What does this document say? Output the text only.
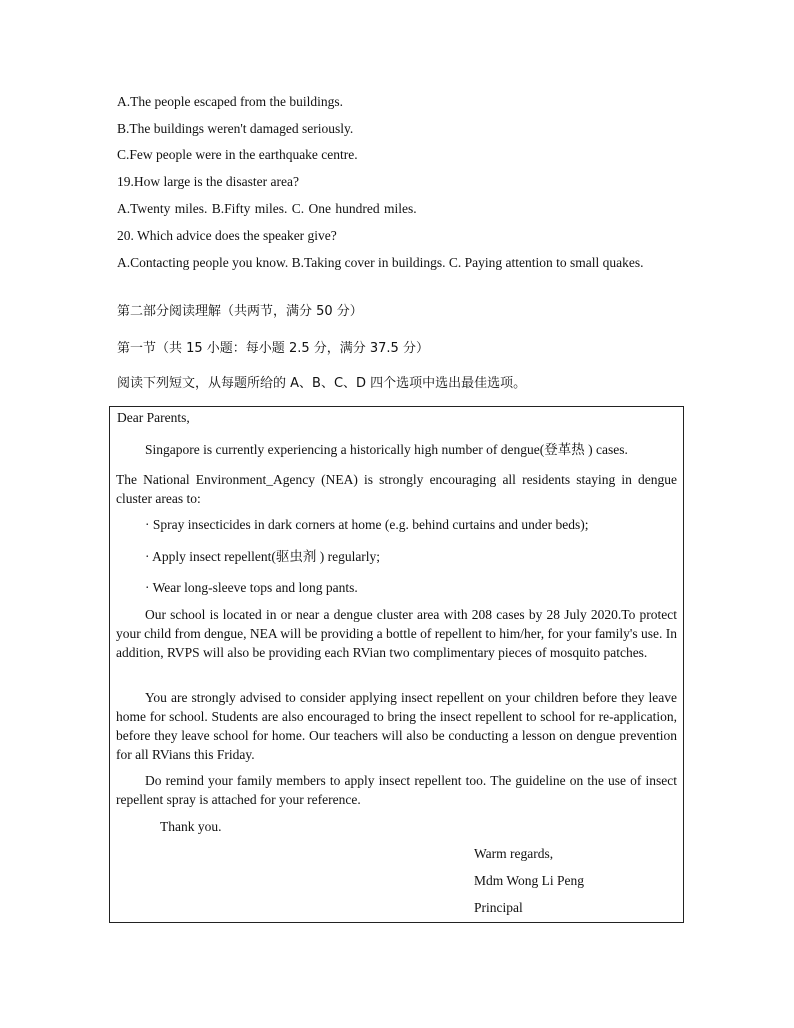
A.The people escaped from the buildings.
B.The buildings weren't damaged seriously.
C.Few people were in the earthquake centre.
19.How large is the disaster area?
A.Twenty miles. B.Fifty miles. C. One hundred miles.
20. Which advice does the speaker give?
A.Contacting people you know. B.Taking cover in buildings. C. Paying attention to small quakes.
第二部分阅读理解（共两节，满分 50 分）
第一节（共 15 小题：每小题 2.5 分，满分 37.5 分）
阅读下列短文，从每题所给的 A、B、C、D 四个选项中选出最佳选项。
Dear Parents,
Singapore is currently experiencing a historically high number of dengue(登革热 ) cases.
The National Environment_Agency (NEA) is strongly encouraging all residents staying in dengue cluster areas to:
· Spray insecticides in dark corners at home (e.g. behind curtains and under beds);
· Apply insect repellent(驱虫剂 ) regularly;
· Wear long-sleeve tops and long pants.
Our school is located in or near a dengue cluster area with 208 cases by 28 July 2020.To protect your child from dengue, NEA will be providing a bottle of repellent to him/her, for your family's use. In addition, RVPS will also be providing each RVian two complimentary pieces of mosquito patches.
You are strongly advised to consider applying insect repellent on your children before they leave home for school. Students are also encouraged to bring the insect repellent to school for re-application, before they leave school for home. Our teachers will also be conducting a lesson on dengue prevention for all RVians this Friday.
Do remind your family members to apply insect repellent too. The guideline on the use of insect repellent spray is attached for your reference.
Thank you.
Warm regards,
Mdm Wong Li Peng
Principal
